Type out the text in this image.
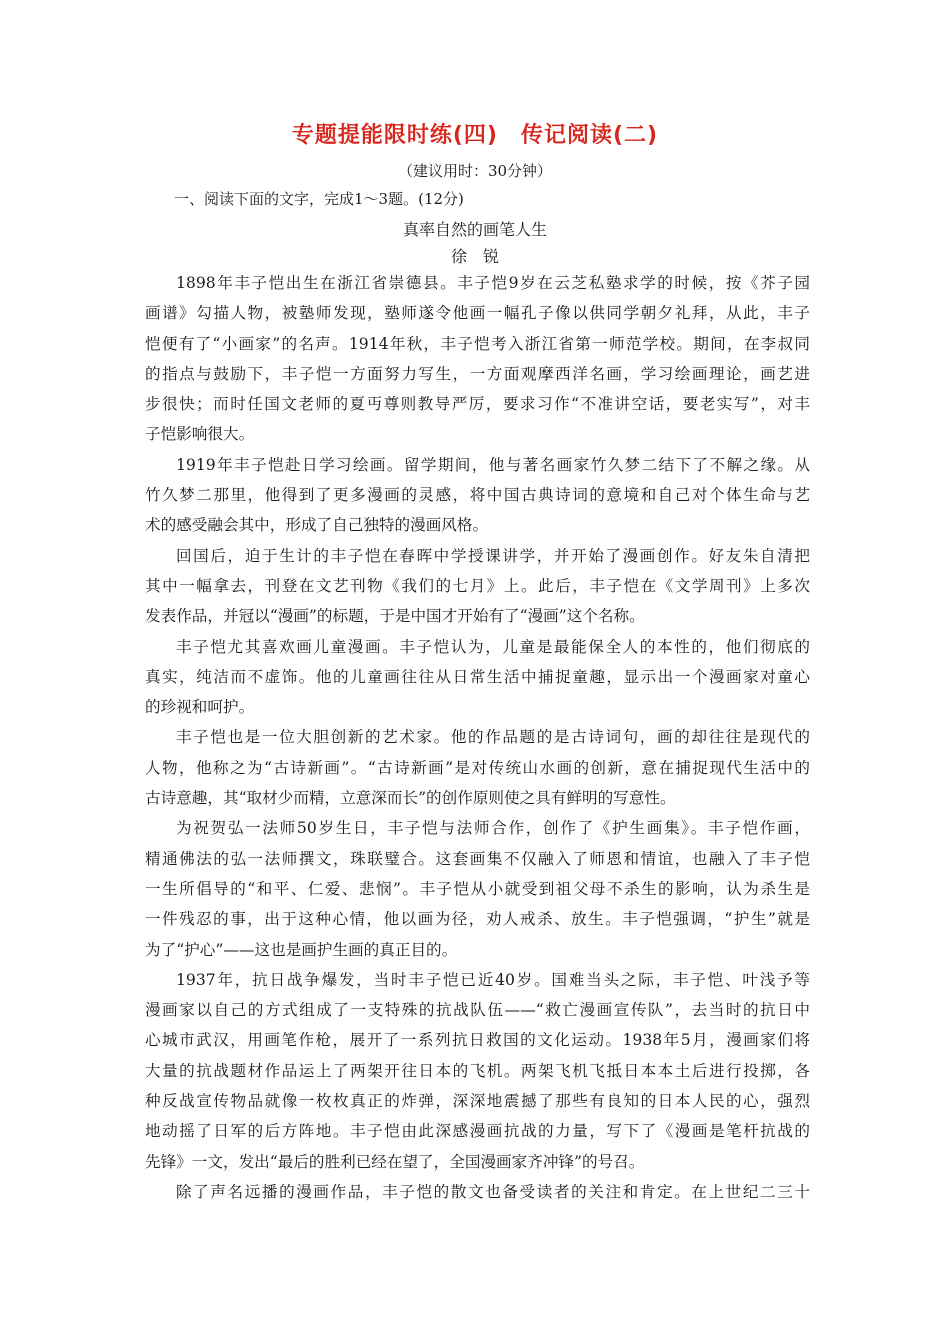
专题提能限时练(四)　传记阅读(二)
（建议用时：30分钟）
一、阅读下面的文字，完成1～3题。(12分)
真率自然的画笔人生
徐　锐
1898年丰子恺出生在浙江省崇德县。丰子恺9岁在云芝私塾求学的时候，按《芥子园
画谱》勾描人物，被塾师发现，塾师遂令他画一幅孔子像以供同学朝夕礼拜，从此，丰子
恺便有了“小画家”的名声。1914年秋，丰子恺考入浙江省第一师范学校。期间，在李叔同
的指点与鼓励下，丰子恺一方面努力写生，一方面观摩西洋名画，学习绘画理论，画艺进
步很快；而时任国文老师的夏丏尊则教导严厉，要求习作“不准讲空话，要老实写”，对丰
子恺影响很大。
1919年丰子恺赴日学习绘画。留学期间，他与著名画家竹久梦二结下了不解之缘。从
竹久梦二那里，他得到了更多漫画的灵感，将中国古典诗词的意境和自己对个体生命与艺
术的感受融会其中，形成了自己独特的漫画风格。
回国后，迫于生计的丰子恺在春晖中学授课讲学，并开始了漫画创作。好友朱自清把
其中一幅拿去，刊登在文艺刊物《我们的七月》上。此后，丰子恺在《文学周刊》上多次
发表作品，并冠以“漫画”的标题，于是中国才开始有了“漫画”这个名称。
丰子恺尤其喜欢画儿童漫画。丰子恺认为，儿童是最能保全人的本性的，他们彻底的
真实，纯洁而不虚饰。他的儿童画往往从日常生活中捕捉童趣，显示出一个漫画家对童心
的珍视和呵护。
丰子恺也是一位大胆创新的艺术家。他的作品题的是古诗词句，画的却往往是现代的
人物，他称之为“古诗新画”。“古诗新画”是对传统山水画的创新，意在捕捉现代生活中的
古诗意趣，其“取材少而精，立意深而长”的创作原则使之具有鲜明的写意性。
为祝贺弘一法师50岁生日，丰子恺与法师合作，创作了《护生画集》。丰子恺作画，
精通佛法的弘一法师撰文，珠联璧合。这套画集不仅融入了师恩和情谊，也融入了丰子恺
一生所倡导的“和平、仁爱、悲悯”。丰子恺从小就受到祖父母不杀生的影响，认为杀生是
一件残忍的事，出于这种心情，他以画为径，劝人戒杀、放生。丰子恺强调，“护生”就是
为了“护心”——这也是画护生画的真正目的。
1937年，抗日战争爆发，当时丰子恺已近40岁。国难当头之际，丰子恺、叶浅予等
漫画家以自己的方式组成了一支特殊的抗战队伍——“救亡漫画宣传队”，去当时的抗日中
心城市武汉，用画笔作枪，展开了一系列抗日救国的文化运动。1938年5月，漫画家们将
大量的抗战题材作品运上了两架开往日本的飞机。两架飞机飞抵日本本土后进行投掷，各
种反战宣传物品就像一枚枚真正的炸弹，深深地震撼了那些有良知的日本人民的心，强烈
地动摇了日军的后方阵地。丰子恺由此深感漫画抗战的力量，写下了《漫画是笔杆抗战的
先锋》一文，发出“最后的胜利已经在望了，全国漫画家齐冲锋”的号召。
除了声名远播的漫画作品，丰子恺的散文也备受读者的关注和肯定。在上世纪二三十
